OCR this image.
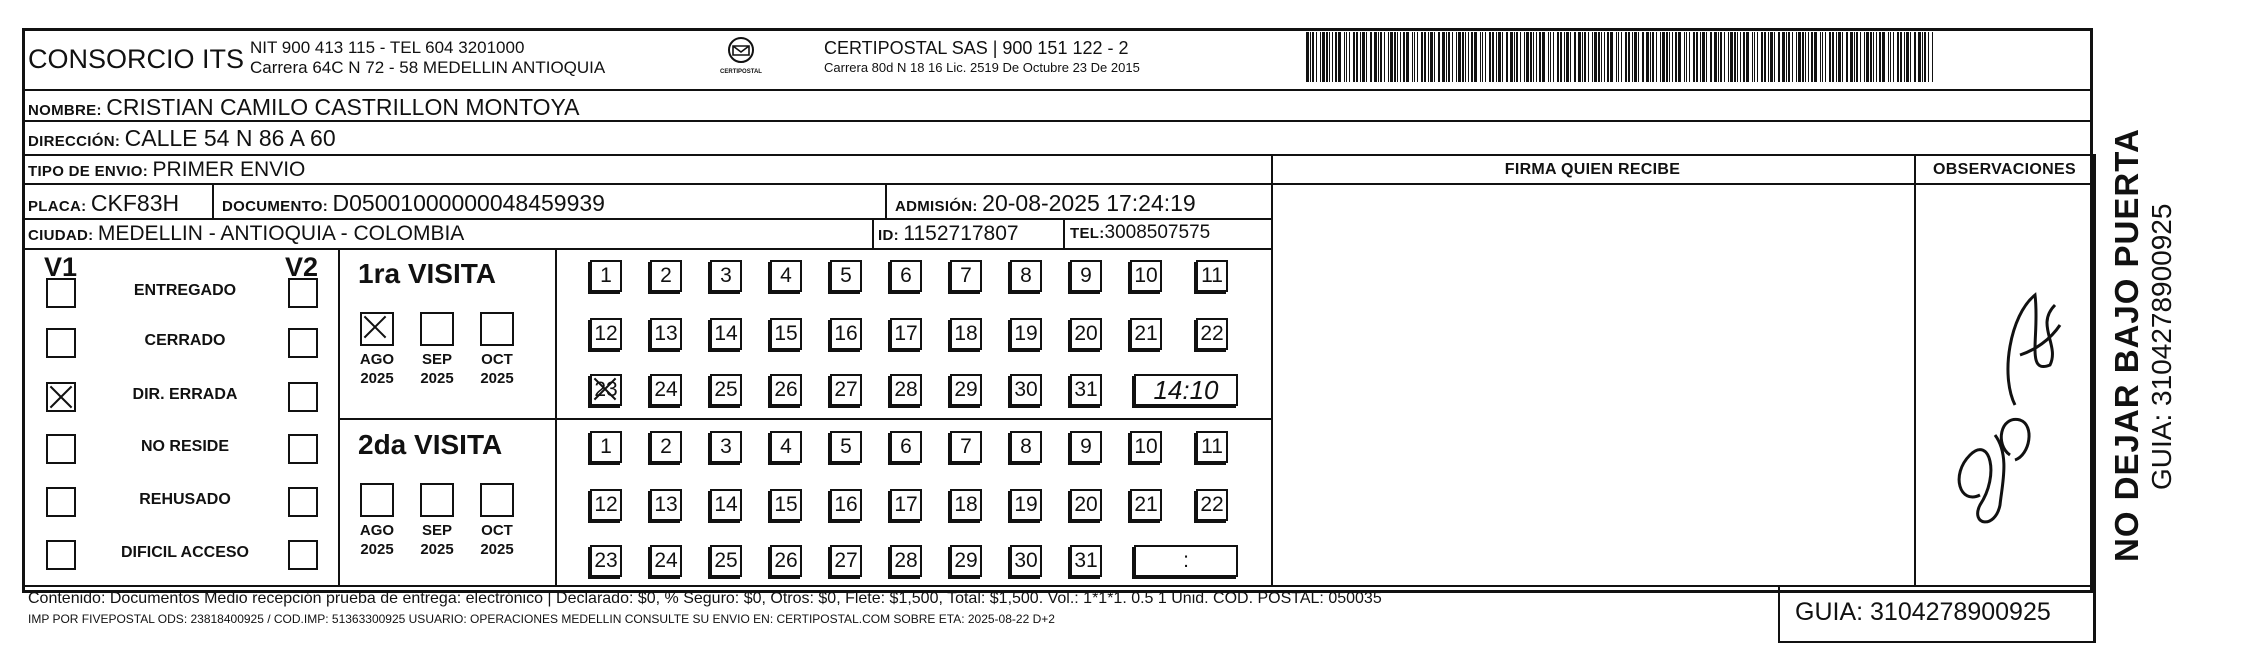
CONSORCIO ITS NIT 900 413 115 - TEL 604 3201000
Carrera 64C N 72 - 58 MEDELLIN ANTIOQUIA	CERTIPOSTAL
CERTIPOSTAL SAS | 900 151 122 - 2
Carrera 80d N 18 16 Lic. 2519 De Octubre 23 De 2015
NOMBRE: CRISTIAN CAMILO CASTRILLON MONTOYA
DIRECCIÓN: CALLE 54 N 86 A 60
TIPO DE ENVIO: PRIMER ENVIO
PLACA: CKF83H	DOCUMENTO: D05001000000048459939	ADMISIÓN: 20-08-2025 17:24:19
CIUDAD: MEDELLIN - ANTIOQUIA - COLOMBIA	ID: 1152717807	TEL:3008507575
FIRMA QUIEN RECIBE	OBSERVACIONES
V1	V2
ENTREGADO
CERRADO
DIR. ERRADA
NO RESIDE
REHUSADO
DIFICIL ACCESO
1ra VISITA
AGO
2025
SEP
2025
OCT
2025
1	2	3	4	5	6	7	8	9	10 11
12 13 14 15 16 17 18 19 20 21 22
23 24 25 26 27 28 29 30 31	14:10
2da VISITA
AGO
2025
SEP
2025
OCT
2025
1	2	3	4	5	6	7	8	9	10 11
12 13 14 15 16 17 18 19 20 21 22
23 24 25 26 27 28 29 30 31	:
Contenido: Documentos Medio recepción prueba de entrega: electrónico | Declarado: $0, % Seguro: $0, Otros: $0, Flete: $1,500, Total: $1,500. Vol.: 1*1*1. 0.5 1 Unid. COD. POSTAL: 050035
IMP POR FIVEPOSTAL ODS: 23818400925 / COD.IMP: 51363300925 USUARIO: OPERACIONES MEDELLIN CONSULTE SU ENVIO EN: CERTIPOSTAL.COM SOBRE ETA: 2025-08-22 D+2	GUIA: 3104278900925
NO DEJAR BAJO PUERTA GUIA: 3104278900925
